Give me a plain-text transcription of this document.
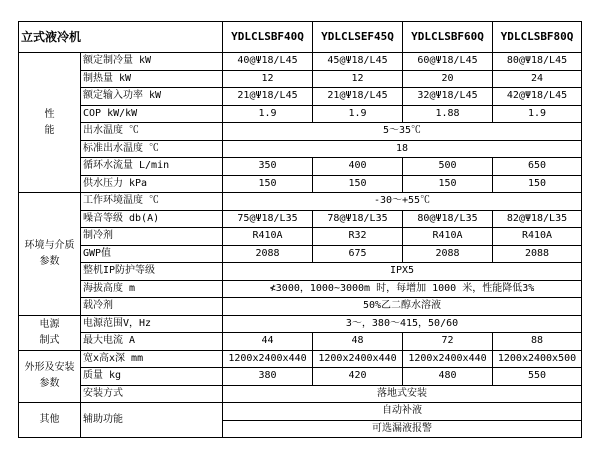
立式液冷机		YDLCLSBF40Q	YDLCLSEF45Q	YDLCLSBF60Q	YDLCLSBF80Q
性
能	额定制冷量 kW	40@Ψ18/L45	45@Ψ18/L45	60@Ψ18/L45	80@Ψ18/L45
	制热量 kW	12	12	20	24
	额定输入功率 kW	21@Ψ18/L45	21@Ψ18/L45	32@Ψ18/L45	42@Ψ18/L45
	COP kW/kW	1.9	1.9	1.88	1.9
	出水温度 ℃	5～35℃			
	标准出水温度 ℃	18			
	循环水流量 L/min	350	400	500	650
	供水压力 kPa	150	150	150	150
环境与介质
参数	工作环境温度 ℃	-30～+55℃			
	噪音等级 db(A)	75@Ψ18/L35	78@Ψ18/L35	80@Ψ18/L35	82@Ψ18/L35
	制冷剂	R410A	R32	R410A	R410A
	GWP值	2088	675	2088	2088
	整机IP防护等级	IPX5			
	海拔高度 m	≮3000，1000~3000m 时，每增加 1000 米，性能降低3%			
	载冷剂	50%乙二醇水溶液			
电源
制式	电源范围V，Hz	3～，380～415，50/60			
	最大电流 A	44	48	72	88
外形及安装
参数	宽x高x深 mm	1200x2400x440	1200x2400x440	1200x2400x440	1200x2400x500
	质量 kg	380	420	480	550
	安装方式	落地式安装			
其他	辅助功能	自动补液			
		可选漏液报警			
